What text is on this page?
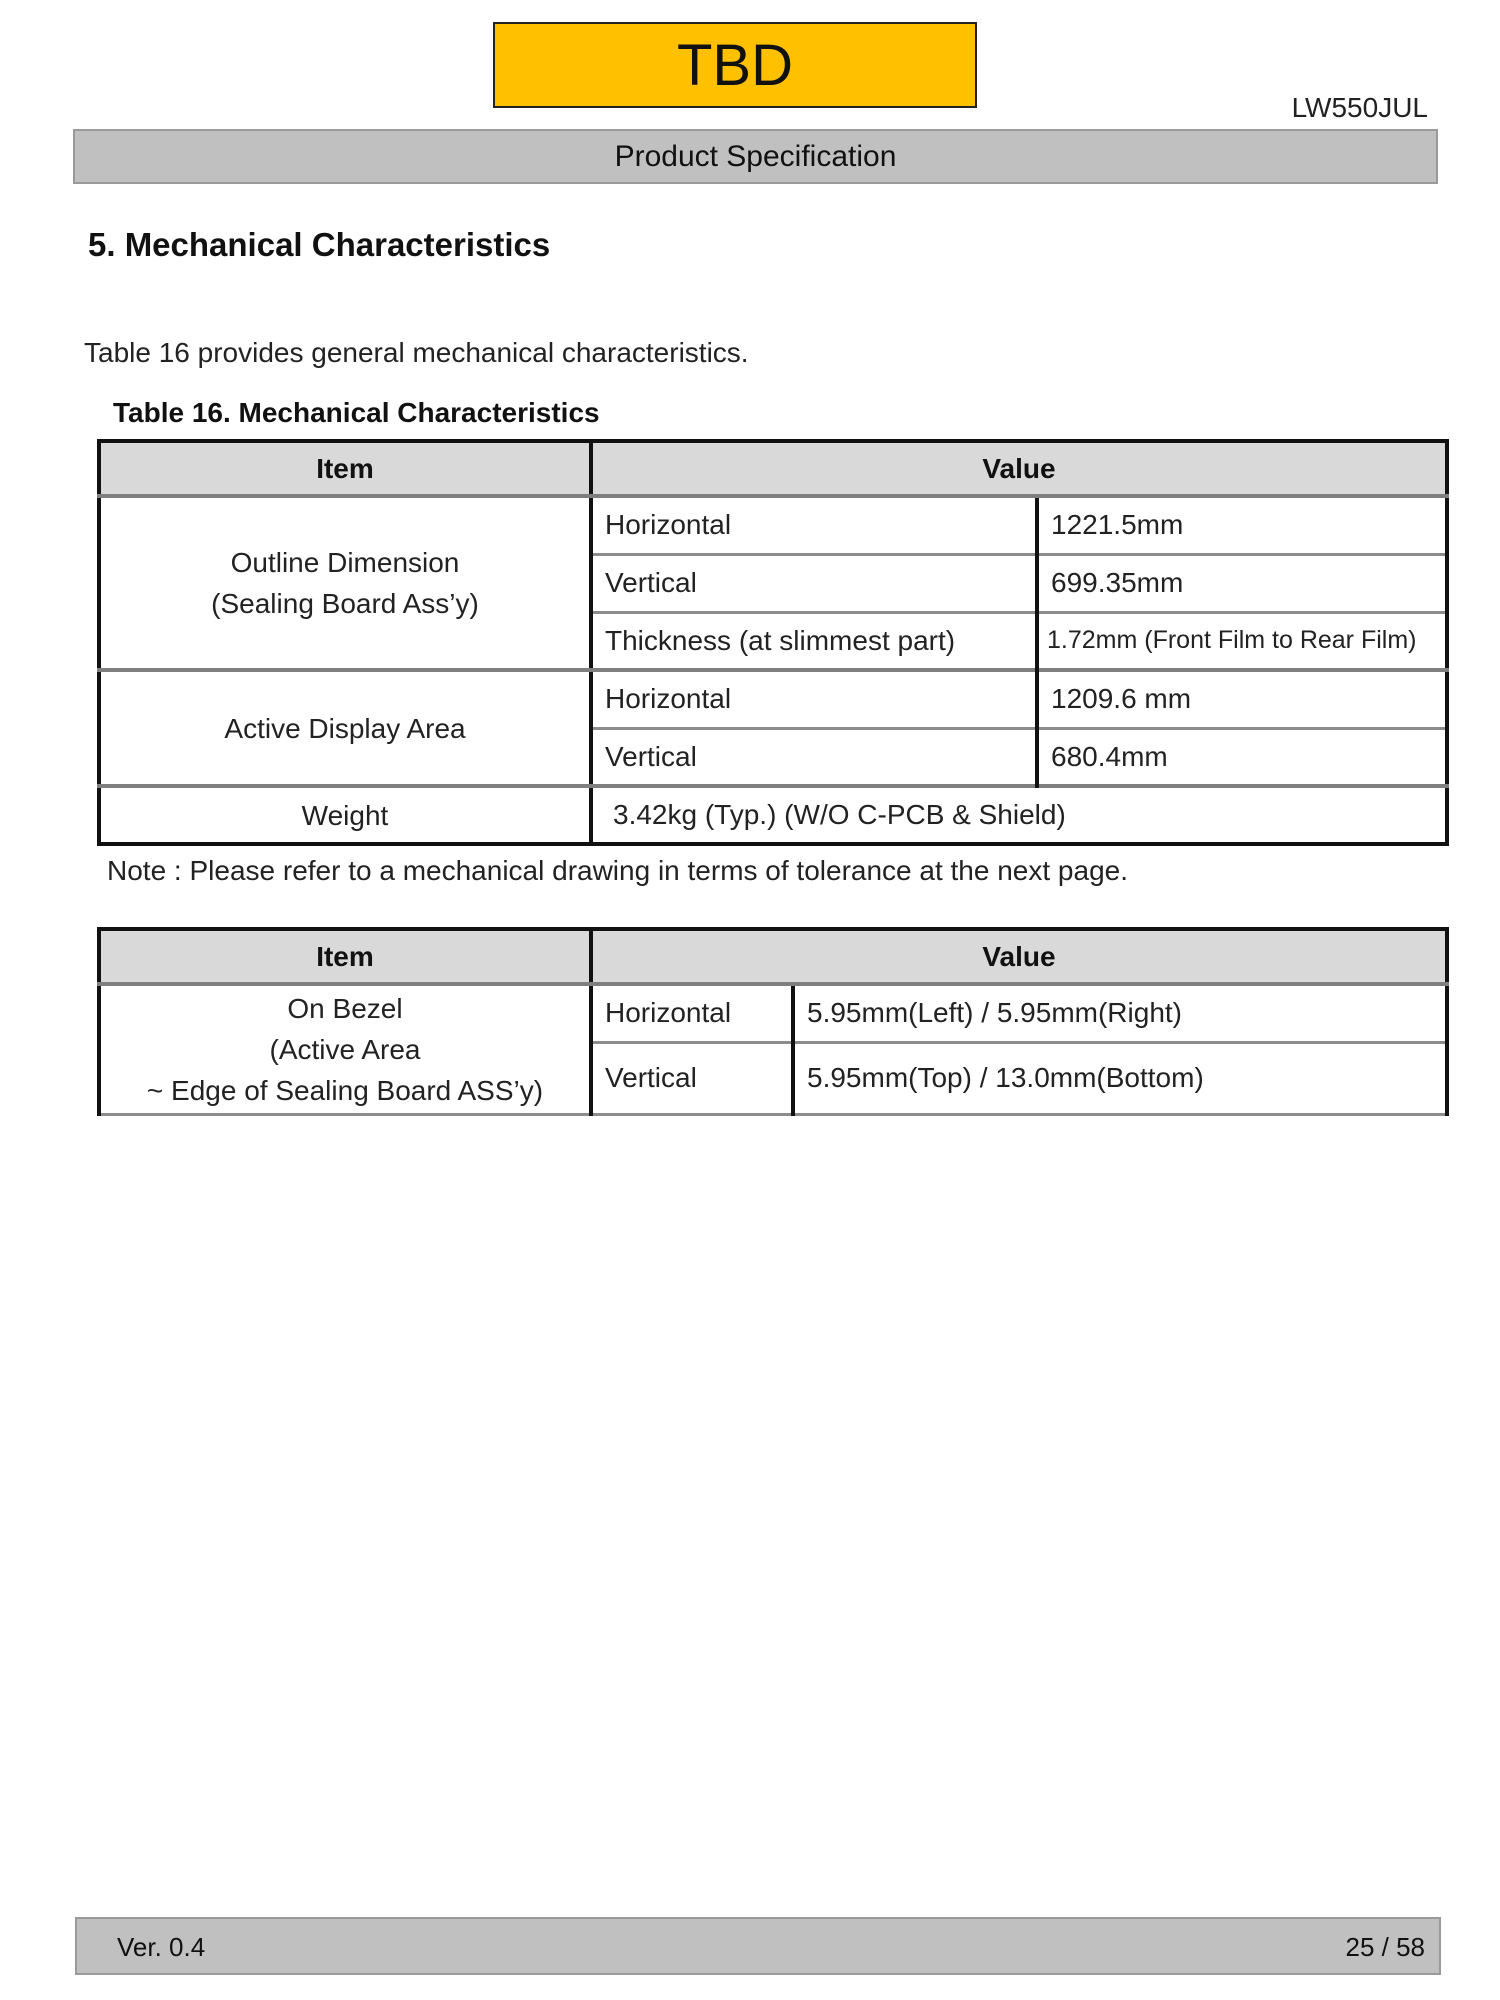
TBD
LW550JUL
Product Specification
5. Mechanical Characteristics
Table 16 provides general mechanical characteristics.
Table 16. Mechanical Characteristics
Item	Value	

Outline Dimension
(Sealing Board Ass’y)	Horizontal	1221.5mm
	Vertical	699.35mm
	Thickness (at slimmest part)	1.72mm (Front Film to Rear Film)
Active Display Area	Horizontal	1209.6 mm
	Vertical	680.4mm
Weight	3.42kg (Typ.) (W/O C-PCB & Shield)	
Note : Please refer to a mechanical drawing in terms of tolerance at the next page.
Item	Value	

On Bezel
(Active Area
~ Edge of Sealing Board ASS’y)	Horizontal	5.95mm(Left) / 5.95mm(Right)
	Vertical	5.95mm(Top) / 13.0mm(Bottom)
Ver. 0.4	25 / 58
